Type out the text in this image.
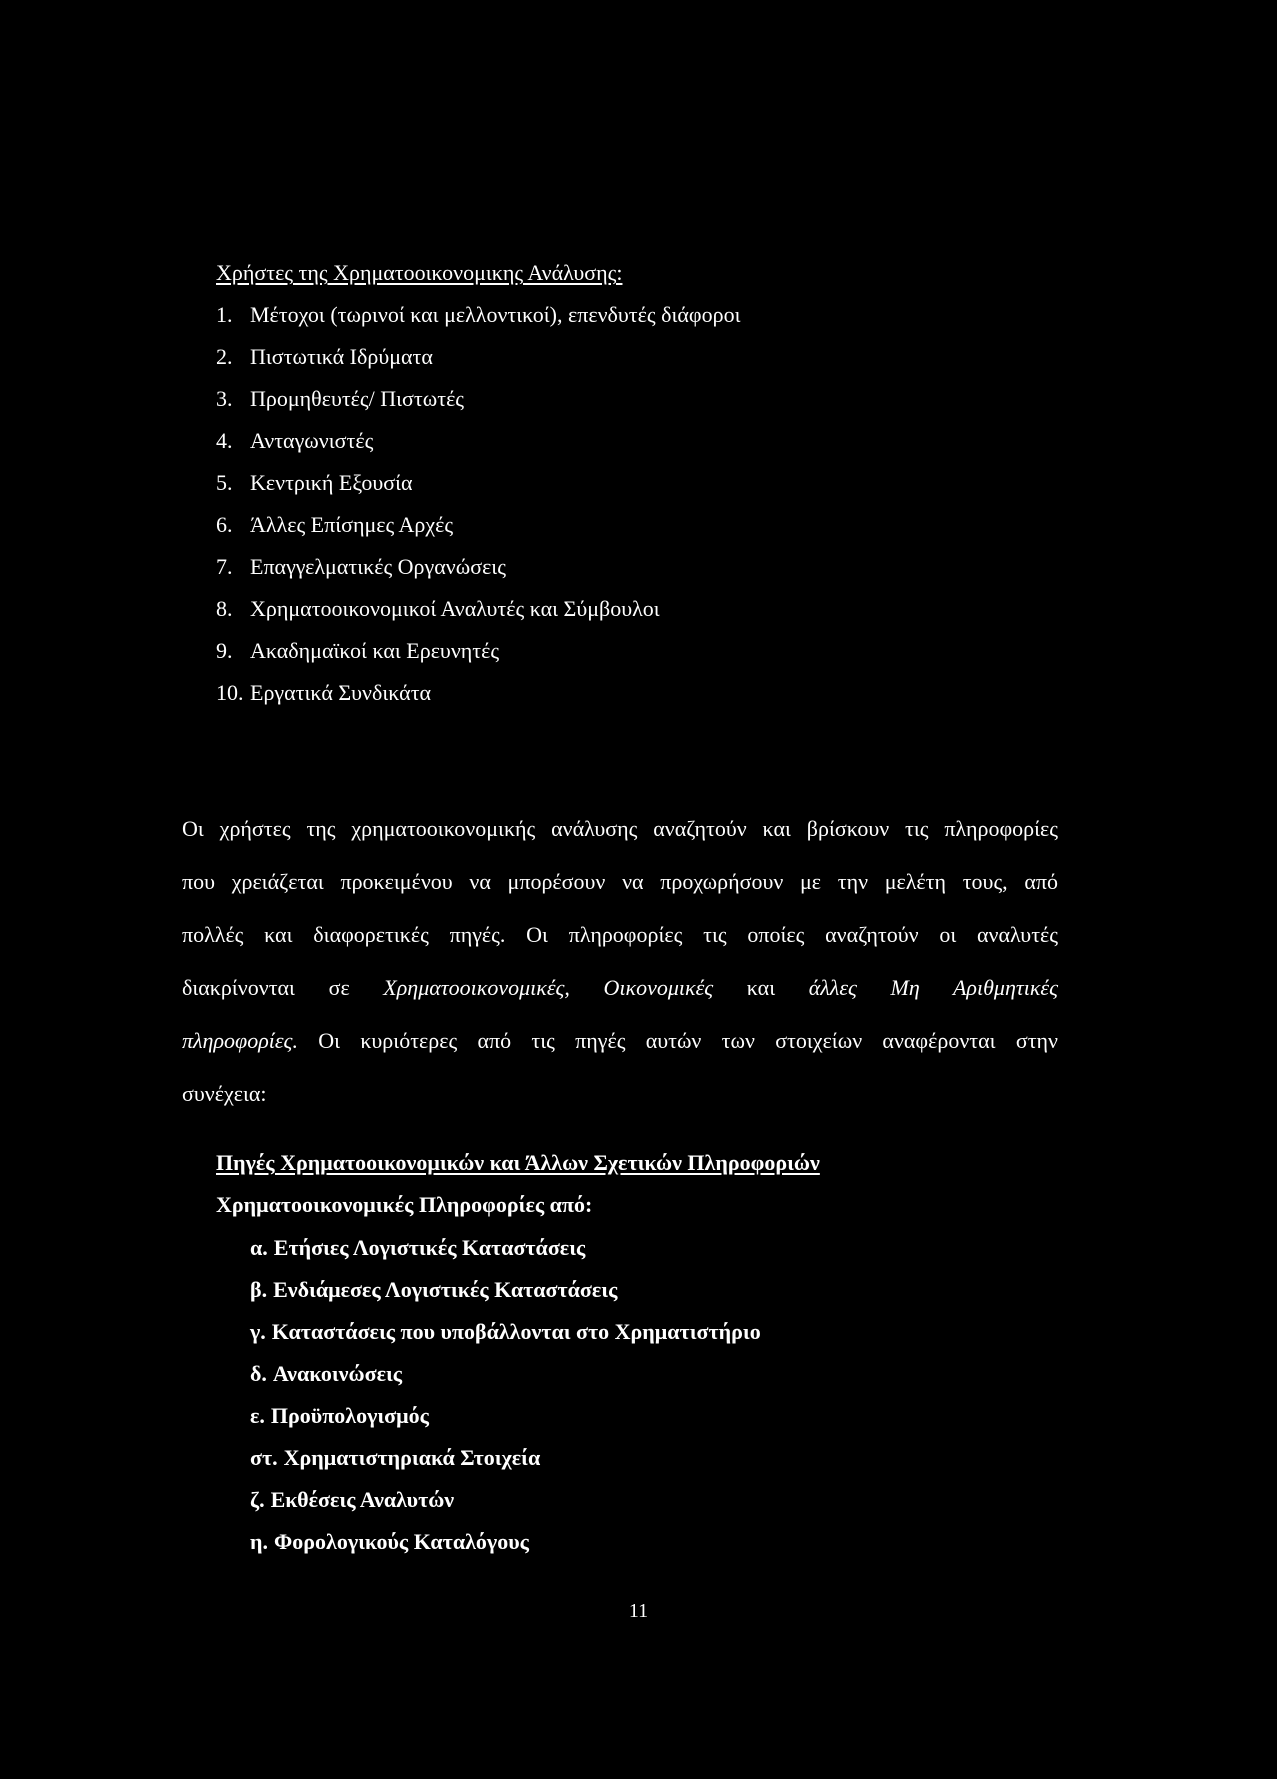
Χρήστες της Χρηματοοικονομικης Ανάλυσης:
1. Μέτοχοι (τωρινοί και μελλοντικοί), επενδυτές διάφοροι
2. Πιστωτικά Ιδρύματα
3. Προμηθευτές/ Πιστωτές
4. Ανταγωνιστές
5. Κεντρική Εξουσία
6. Άλλες Επίσημες Αρχές
7. Επαγγελματικές Οργανώσεις
8. Χρηματοοικονομικοί Αναλυτές και Σύμβουλοι
9. Ακαδημαϊκοί και Ερευνητές
10. Εργατικά Συνδικάτα
Οι χρήστες της χρηματοοικονομικής ανάλυσης αναζητούν και βρίσκουν τις πληροφορίες
που χρειάζεται προκειμένου να μπορέσουν να προχωρήσουν με την μελέτη τους, από
πολλές και διαφορετικές πηγές. Οι πληροφορίες τις οποίες αναζητούν οι αναλυτές
διακρίνονται σε Χρηματοοικονομικές, Οικονομικές και άλλες Μη Αριθμητικές
πληροφορίες. Οι κυριότερες από τις πηγές αυτών των στοιχείων αναφέρονται στην
συνέχεια:
Πηγές Χρηματοοικονομικών και Άλλων Σχετικών Πληροφοριών
Χρηματοοικονομικές Πληροφορίες από:
α. Ετήσιες Λογιστικές Καταστάσεις
β. Ενδιάμεσες Λογιστικές Καταστάσεις
γ. Καταστάσεις που υποβάλλονται στο Χρηματιστήριο
δ. Ανακοινώσεις
ε. Προϋπολογισμός
στ. Χρηματιστηριακά Στοιχεία
ζ. Εκθέσεις Αναλυτών
η. Φορολογικούς Καταλόγους
11
